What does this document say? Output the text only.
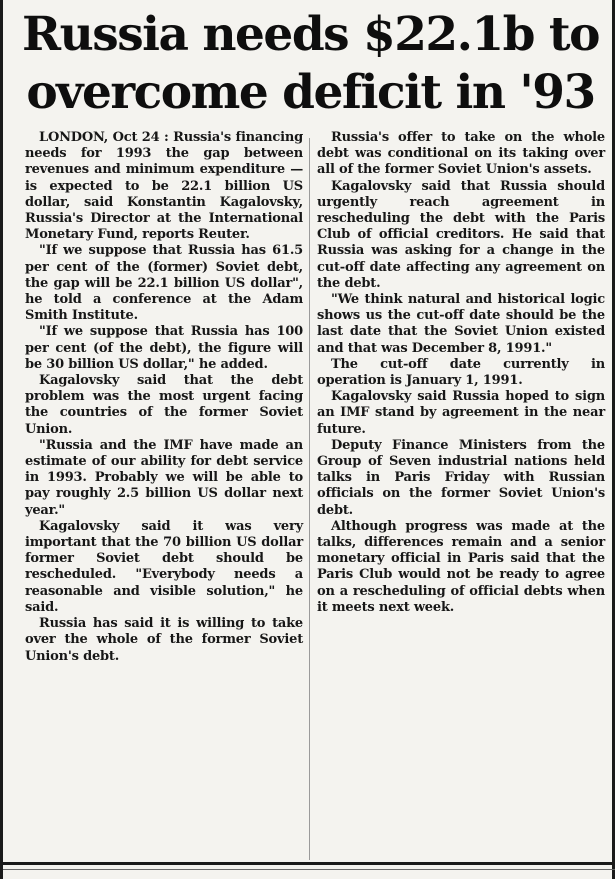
Russia needs $22.1b to
overcome deficit in '93

LONDON, Oct 24 : Russia's financing needs for 1993 the gap between revenues and minimum expenditure — is expected to be 22.1 billion US dollar, said Konstantin Kagalovsky, Russia's Director at the International Monetary Fund, reports Reuter.

"If we suppose that Russia has 61.5 per cent of the (former) Soviet debt, the gap will be 22.1 billion US dollar", he told a conference at the Adam Smith Institute.

"If we suppose that Russia has 100 per cent (of the debt), the figure will be 30 billion US dollar," he added.

Kagalovsky said that the debt problem was the most urgent facing the countries of the former Soviet Union.

"Russia and the IMF have made an estimate of our ability for debt service in 1993. Probably we will be able to pay roughly 2.5 billion US dollar next year."

Kagalovsky said it was very important that the 70 billion US dollar former Soviet debt should be rescheduled. "Everybody needs a reasonable and visible solution," he said.

Russia has said it is willing to take over the whole of the former Soviet Union's debt.

Russia's offer to take on the whole debt was conditional on its taking over all of the former Soviet Union's assets.

Kagalovsky said that Russia should urgently reach agreement in rescheduling the debt with the Paris Club of official creditors. He said that Russia was asking for a change in the cut-off date affecting any agreement on the debt.

"We think natural and historical logic shows us the cut-off date should be the last date that the Soviet Union existed and that was December 8, 1991."

The cut-off date currently in operation is January 1, 1991.

Kagalovsky said Russia hoped to sign an IMF stand by agreement in the near future.

Deputy Finance Ministers from the Group of Seven industrial nations held talks in Paris Friday with Russian officials on the former Soviet Union's debt.

Although progress was made at the talks, differences remain and a senior monetary official in Paris said that the Paris Club would not be ready to agree on a rescheduling of official debts when it meets next week.
